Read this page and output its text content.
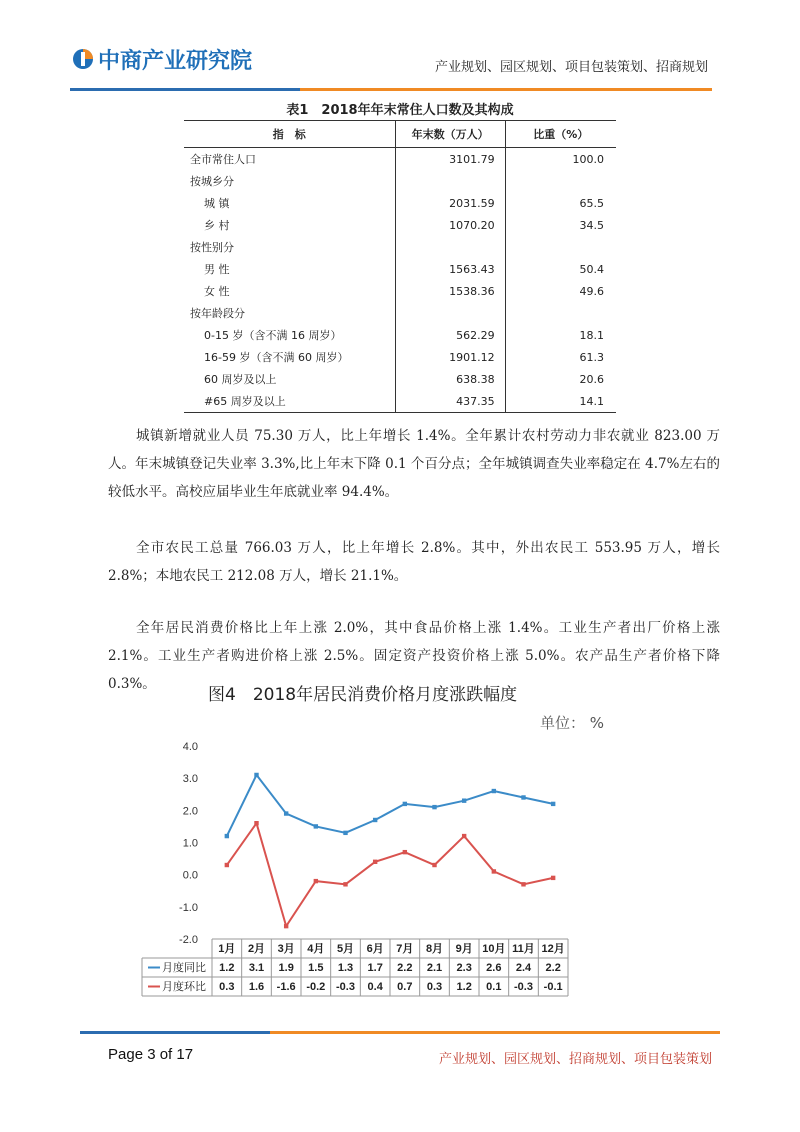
中商产业研究院	产业规划、园区规划、项目包装策划、招商规划
表1　2018年年末常住人口数及其构成
指　标	年末数（万人）	比重（%）
全市常住人口	3101.79	100.0
按城乡分		
城 镇	2031.59	65.5
乡 村	1070.20	34.5
按性别分		
男 性	1563.43	50.4
女 性	1538.36	49.6
按年龄段分		
0-15 岁（含不满 16 周岁）	562.29	18.1
16-59 岁（含不满 60 周岁）	1901.12	61.3
60 周岁及以上	638.38	20.6
#65 周岁及以上	437.35	14.1

城镇新增就业人员 75.30 万人，比上年增长 1.4%。全年累计农村劳动力非农就业 823.00 万人。年末城镇登记失业率 3.3%,比上年末下降 0.1 个百分点；全年城镇调查失业率稳定在 4.7%左右的较低水平。高校应届毕业生年底就业率 94.4%。

全市农民工总量 766.03 万人，比上年增长 2.8%。其中，外出农民工 553.95 万人，增长 2.8%；本地农民工 212.08 万人，增长 21.1%。

全年居民消费价格比上年上涨 2.0%，其中食品价格上涨 1.4%。工业生产者出厂价格上涨 2.1%。工业生产者购进价格上涨 2.5%。固定资产投资价格上涨 5.0%。农产品生产者价格下降 0.3%。

图4　2018年居民消费价格月度涨跌幅度
单位： %
4.0
3.0
2.0
1.0
0.0
-1.0
-2.0
1月 2月 3月 4月 5月 6月 7月 8月 9月 10月 11月 12月
月度同比 1.2 3.1 1.9 1.5 1.3 1.7 2.2 2.1 2.3 2.6 2.4 2.2
月度环比 0.3 1.6 -1.6 -0.2 -0.3 0.4 0.7 0.3 1.2 0.1 -0.3 -0.1
Page 3 of 17	产业规划、园区规划、招商规划、项目包装策划
